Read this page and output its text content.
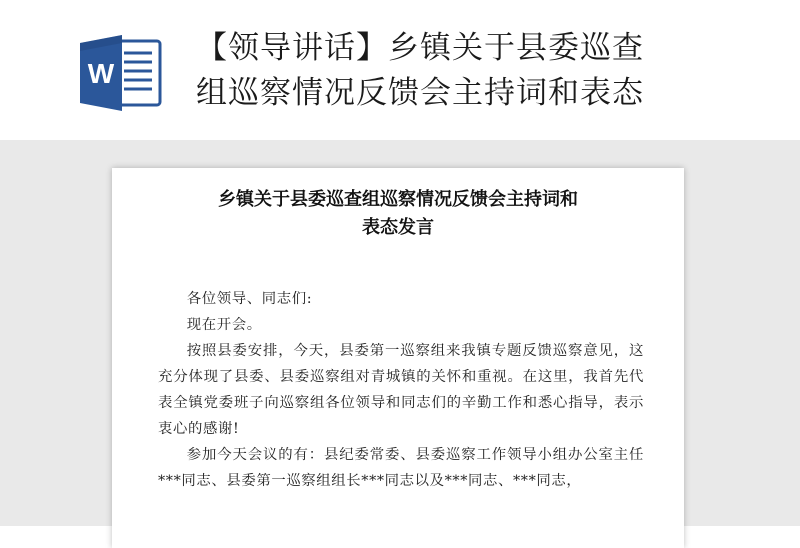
W
【领导讲话】乡镇关于县委巡查
组巡察情况反馈会主持词和表态
乡镇关于县委巡查组巡察情况反馈会主持词和
表态发言

各位领导、同志们:

现在开会。

按照县委安排，今天，县委第一巡察组来我镇专题反馈巡察意见，这充分体现了县委、县委巡察组对青城镇的关怀和重视。在这里，我首先代表全镇党委班子向巡察组各位领导和同志们的辛勤工作和悉心指导，表示衷心的感谢!

参加今天会议的有：县纪委常委、县委巡察工作领导小组办公室主任***同志、县委第一巡察组组长***同志以及***同志、***同志，
